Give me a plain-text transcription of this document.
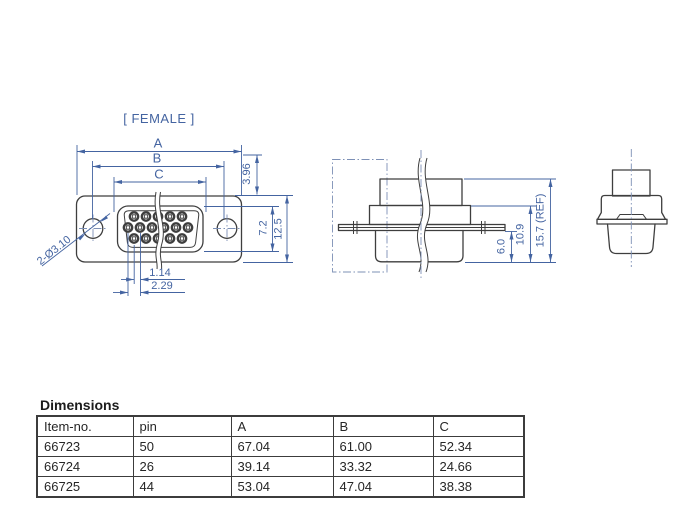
[ FEMALE ]
A
B
C	3.96
7.2 12.5
2-Ø3.10
1.14
2.29
6.0
10.9 15.7 (REF)
Dimensions
Item-no.	pin	A	B	C
66723	50	67.04	61.00	52.34
66724	26	39.14	33.32	24.66
66725	44	53.04	47.04	38.38
